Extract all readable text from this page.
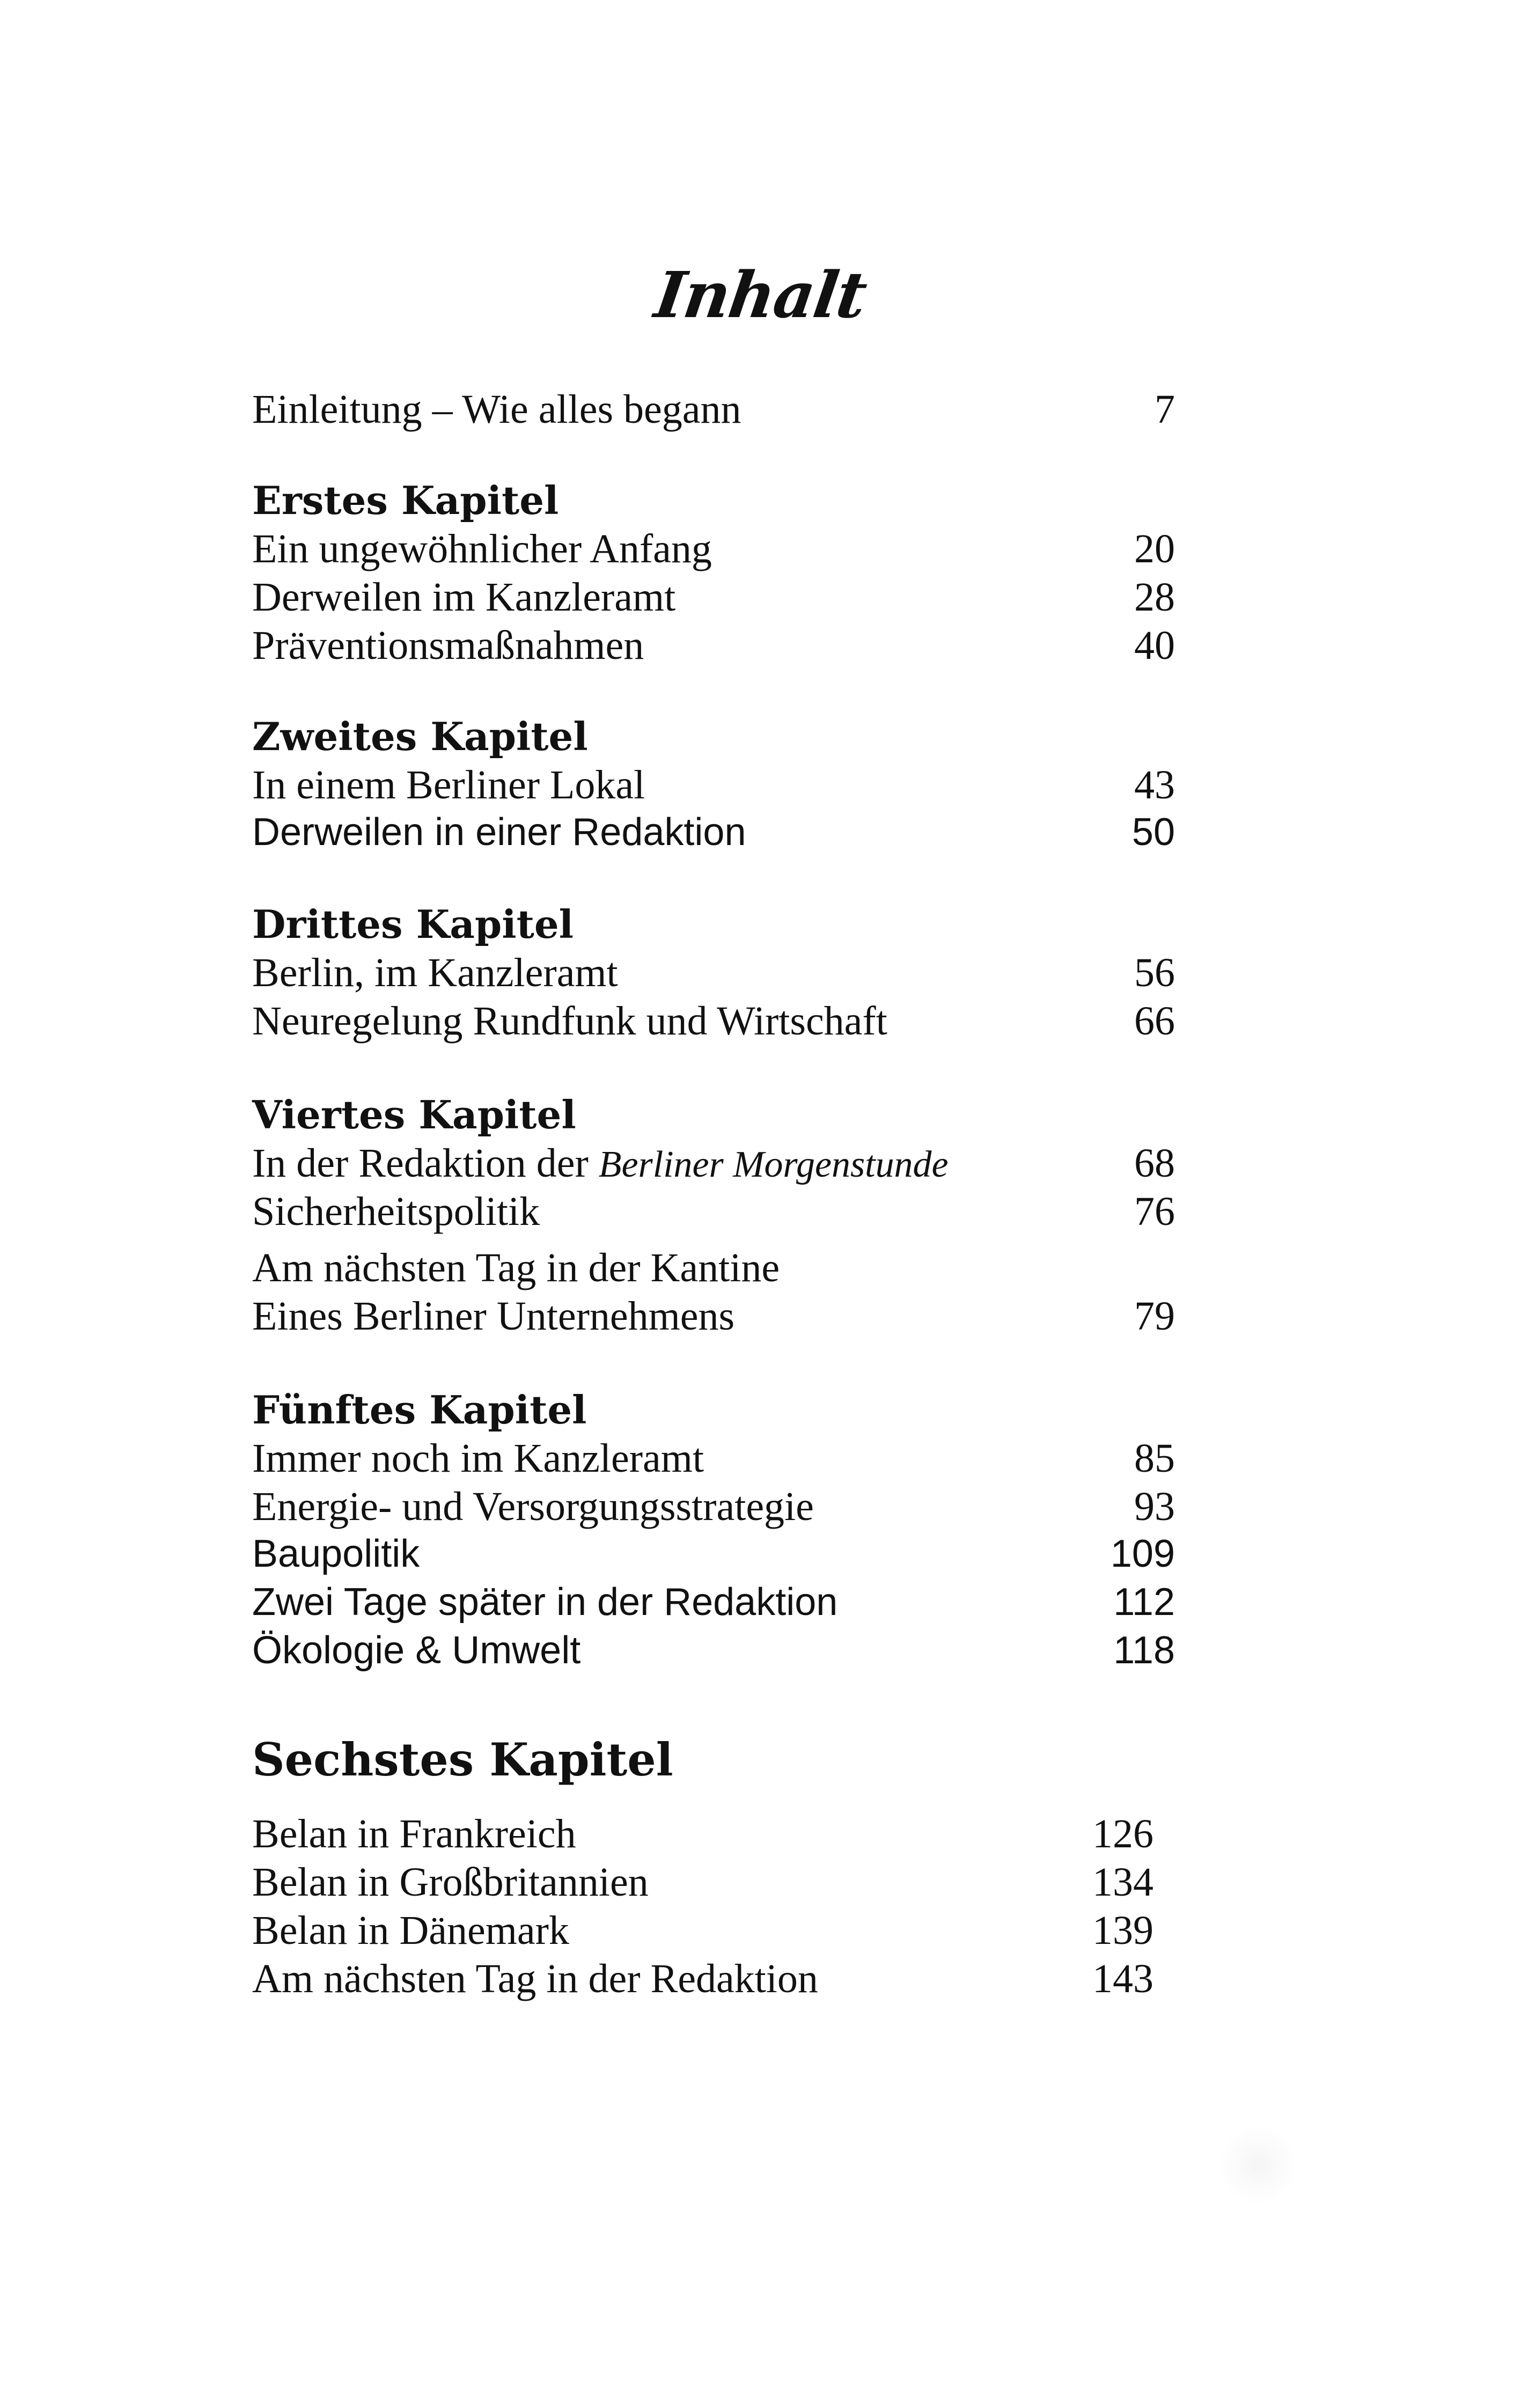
Inhalt
Einleitung – Wie alles begann	7
Erstes Kapitel
Ein ungewöhnlicher Anfang	20
Derweilen im Kanzleramt	28
Präventionsmaßnahmen	40
Zweites Kapitel
In einem Berliner Lokal	43
Derweilen in einer Redaktion	50
Drittes Kapitel
Berlin, im Kanzleramt	56
Neuregelung Rundfunk und Wirtschaft	66
Viertes Kapitel
In der Redaktion der Berliner Morgenstunde	68
Sicherheitspolitik	76
Am nächsten Tag in der Kantine
Eines Berliner Unternehmens	79
Fünftes Kapitel
Immer noch im Kanzleramt	85
Energie- und Versorgungsstrategie	93
Baupolitik	109
Zwei Tage später in der Redaktion	112
Ökologie & Umwelt	118
Sechstes Kapitel
Belan in Frankreich	126
Belan in Großbritannien	134
Belan in Dänemark	139
Am nächsten Tag in der Redaktion	143
